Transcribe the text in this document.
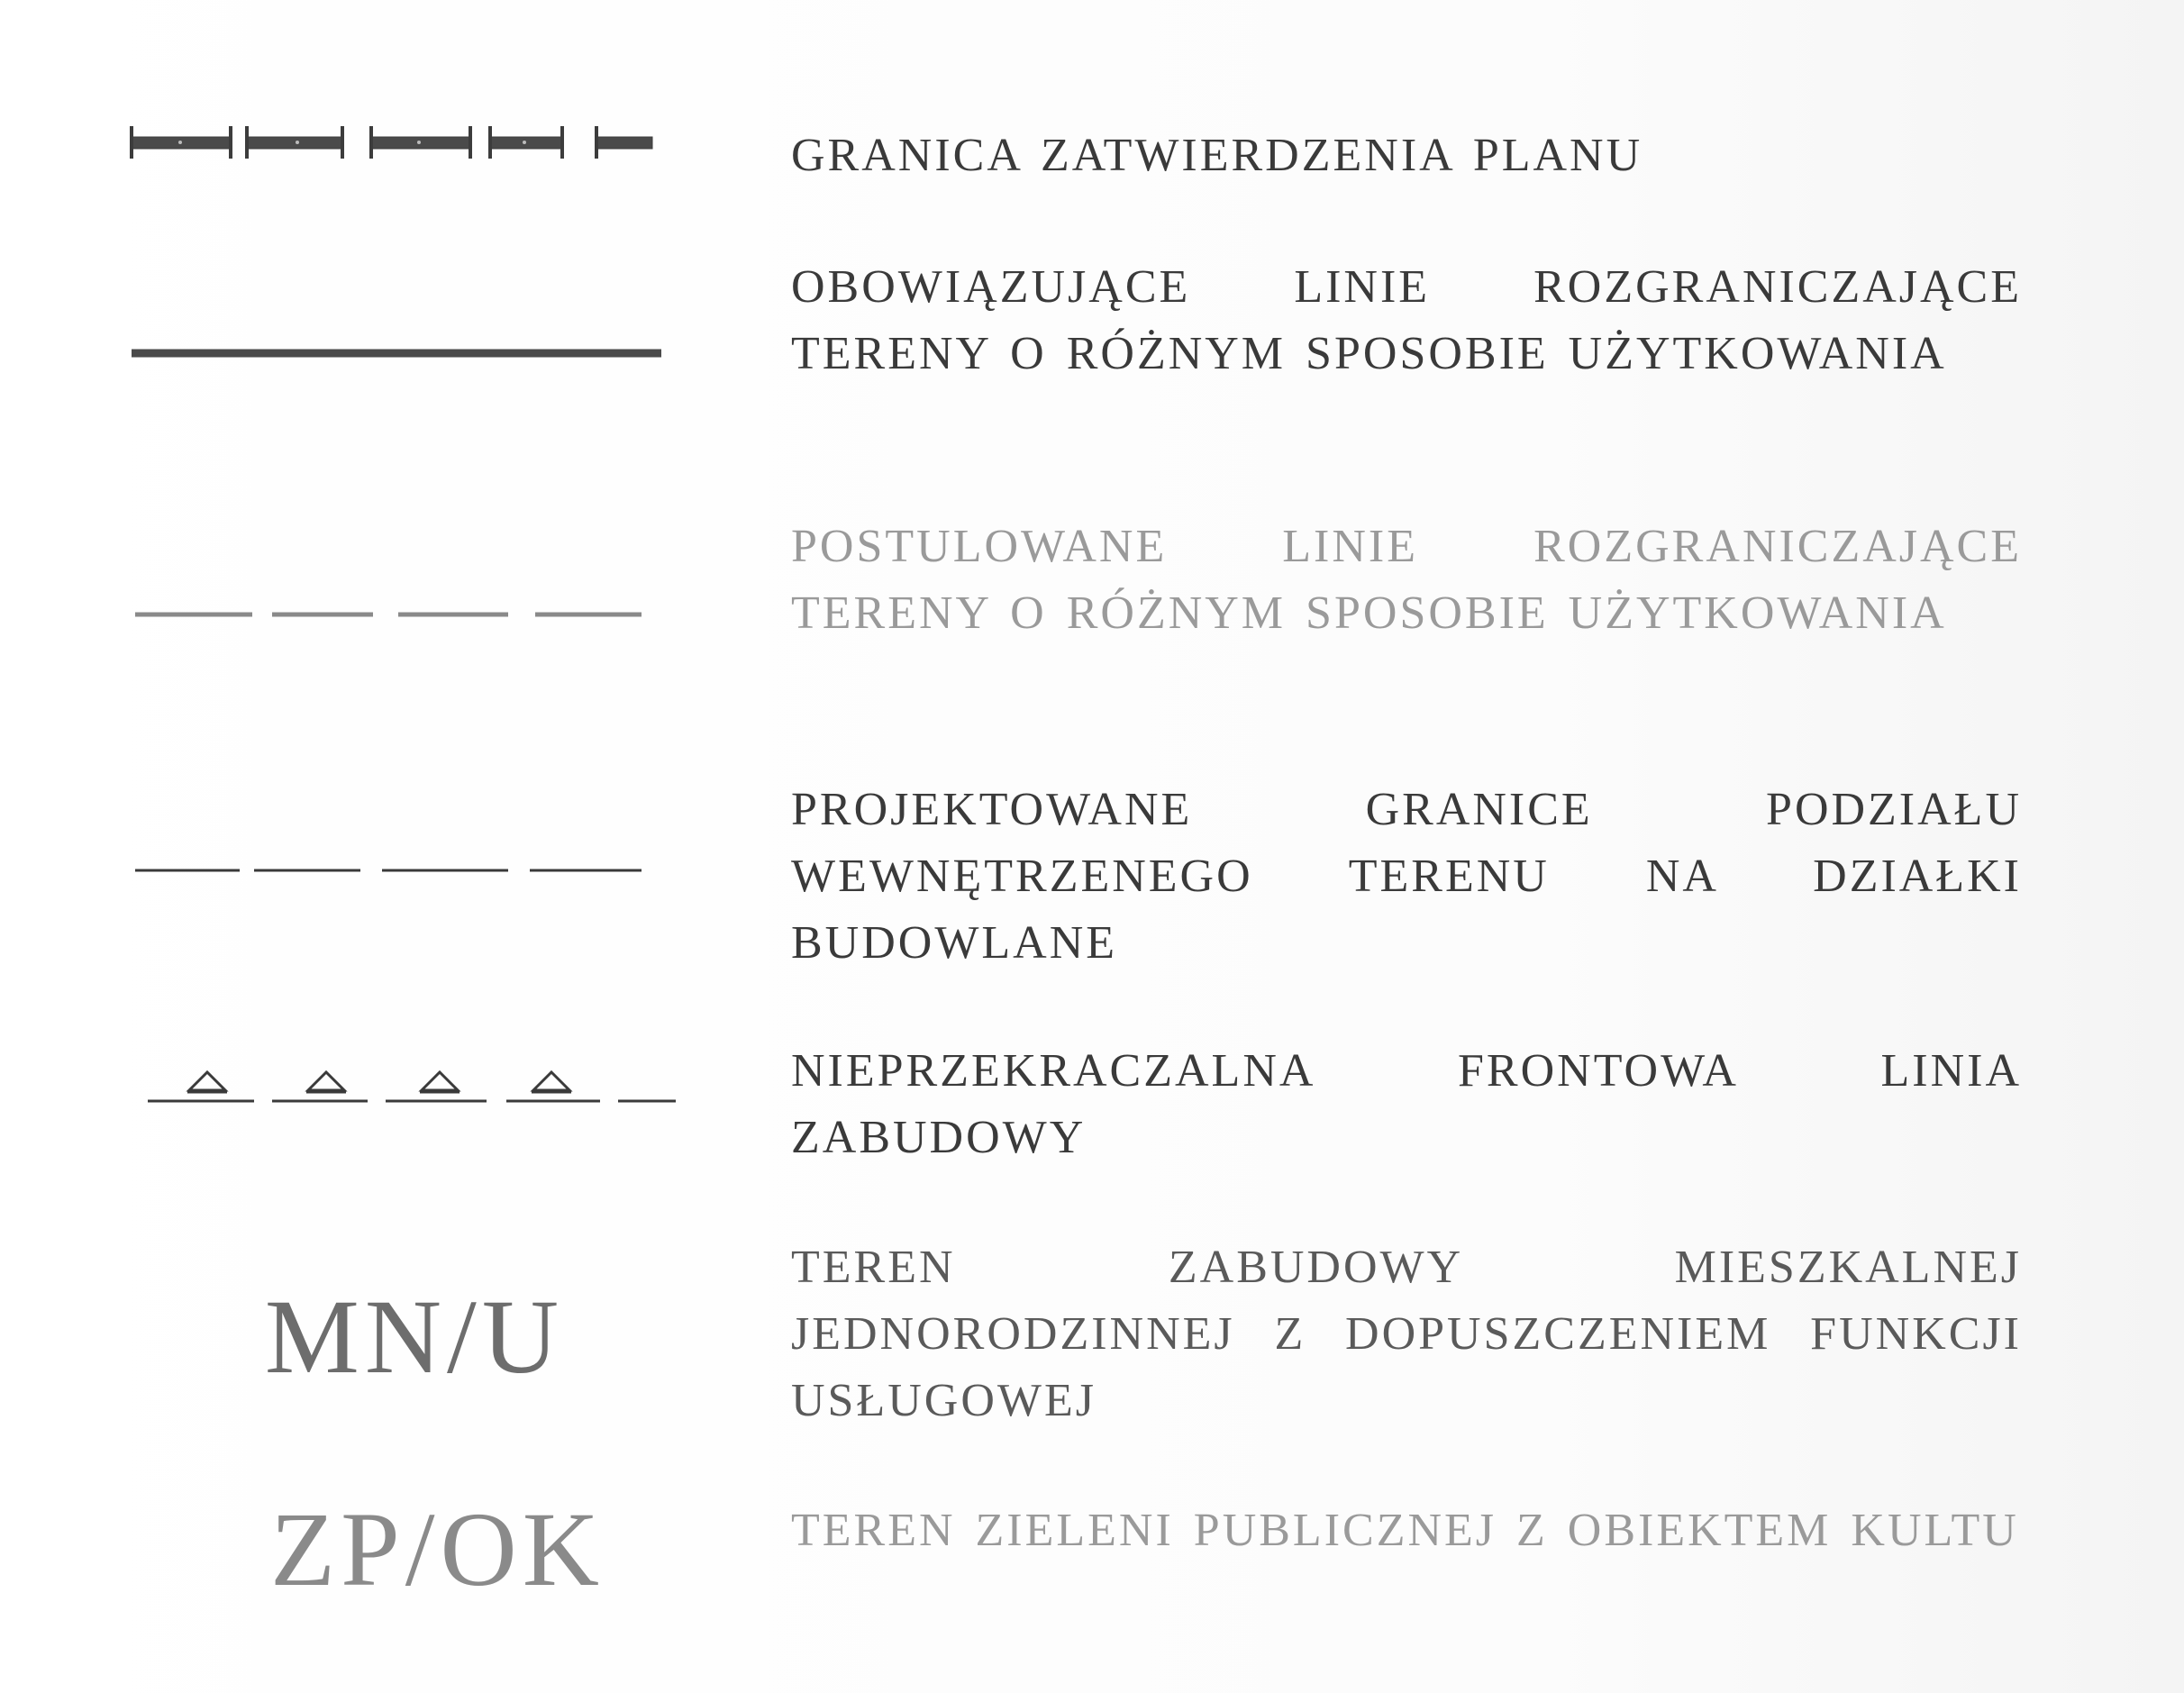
GRANICA ZATWIERDZENIA PLANU
OBOWIĄZUJĄCE LINIE ROZGRANICZAJĄCE TERENY O RÓŻNYM SPOSOBIE UŻYTKOWANIA
POSTULOWANE LINIE ROZGRANICZAJĄCE TERENY O RÓŻNYM SPOSOBIE UŻYTKOWANIA
PROJEKTOWANE GRANICE PODZIAŁU WEWNĘTRZENEGO TERENU NA DZIAŁKI BUDOWLANE
NIEPRZEKRACZALNA FRONTOWA LINIA ZABUDOWY
MN/U
TEREN ZABUDOWY MIESZKALNEJ JEDNORODZINNEJ Z DOPUSZCZENIEM FUNKCJI USŁUGOWEJ
ZP/OK	TEREN ZIELENI PUBLICZNEJ Z OBIEKTEM KULTU
